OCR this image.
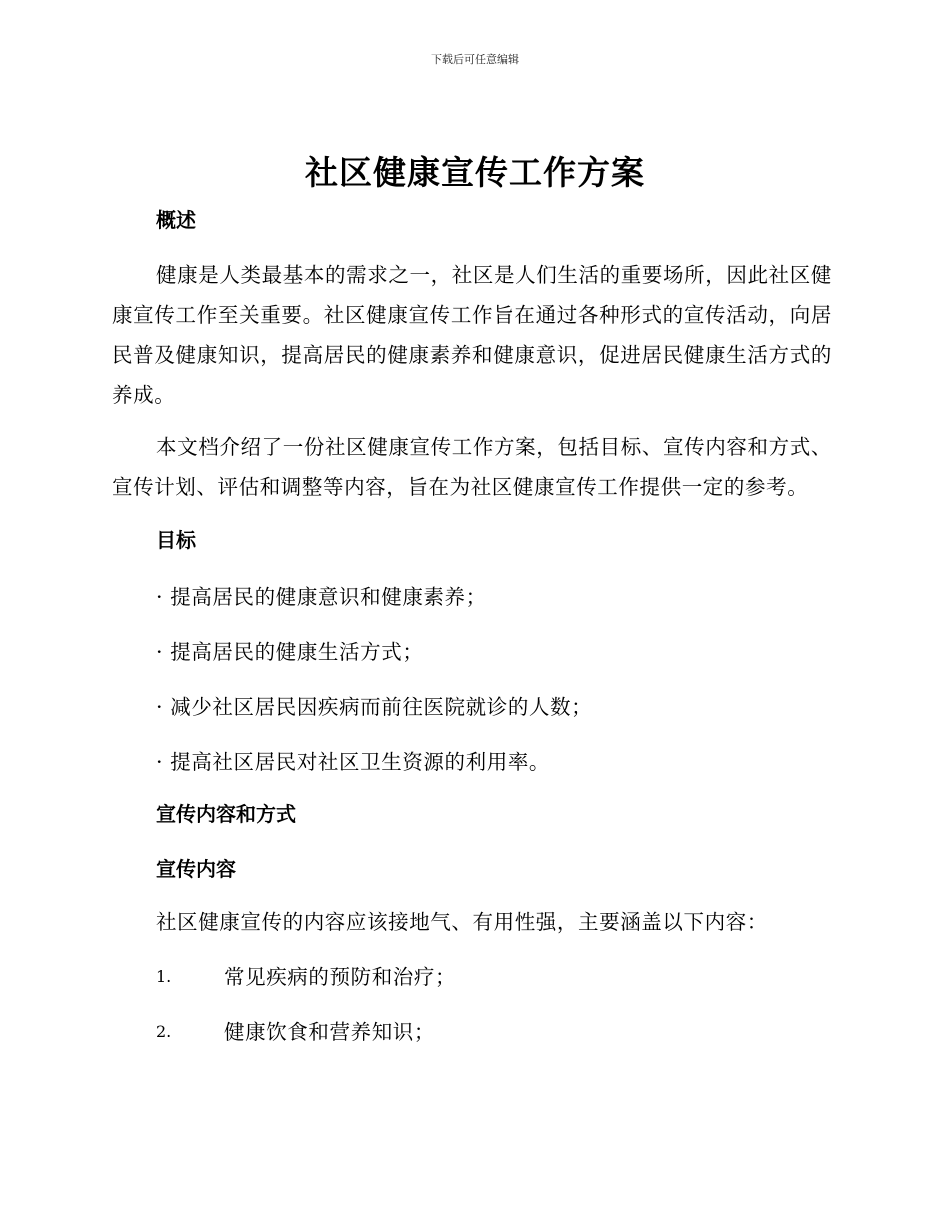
下载后可任意编辑
社区健康宣传工作方案
概述

健康是人类最基本的需求之一，社区是人们生活的重要场所，因此社区健康宣传工作至关重要。社区健康宣传工作旨在通过各种形式的宣传活动，向居民普及健康知识，提高居民的健康素养和健康意识，促进居民健康生活方式的养成。

本文档介绍了一份社区健康宣传工作方案，包括目标、宣传内容和方式、宣传计划、评估和调整等内容，旨在为社区健康宣传工作提供一定的参考。

目标
· 提高居民的健康意识和健康素养；
· 提高居民的健康生活方式；
· 减少社区居民因疾病而前往医院就诊的人数；
· 提高社区居民对社区卫生资源的利用率。
宣传内容和方式
宣传内容
社区健康宣传的内容应该接地气、有用性强，主要涵盖以下内容：
1.	常见疾病的预防和治疗；
2.	健康饮食和营养知识；
